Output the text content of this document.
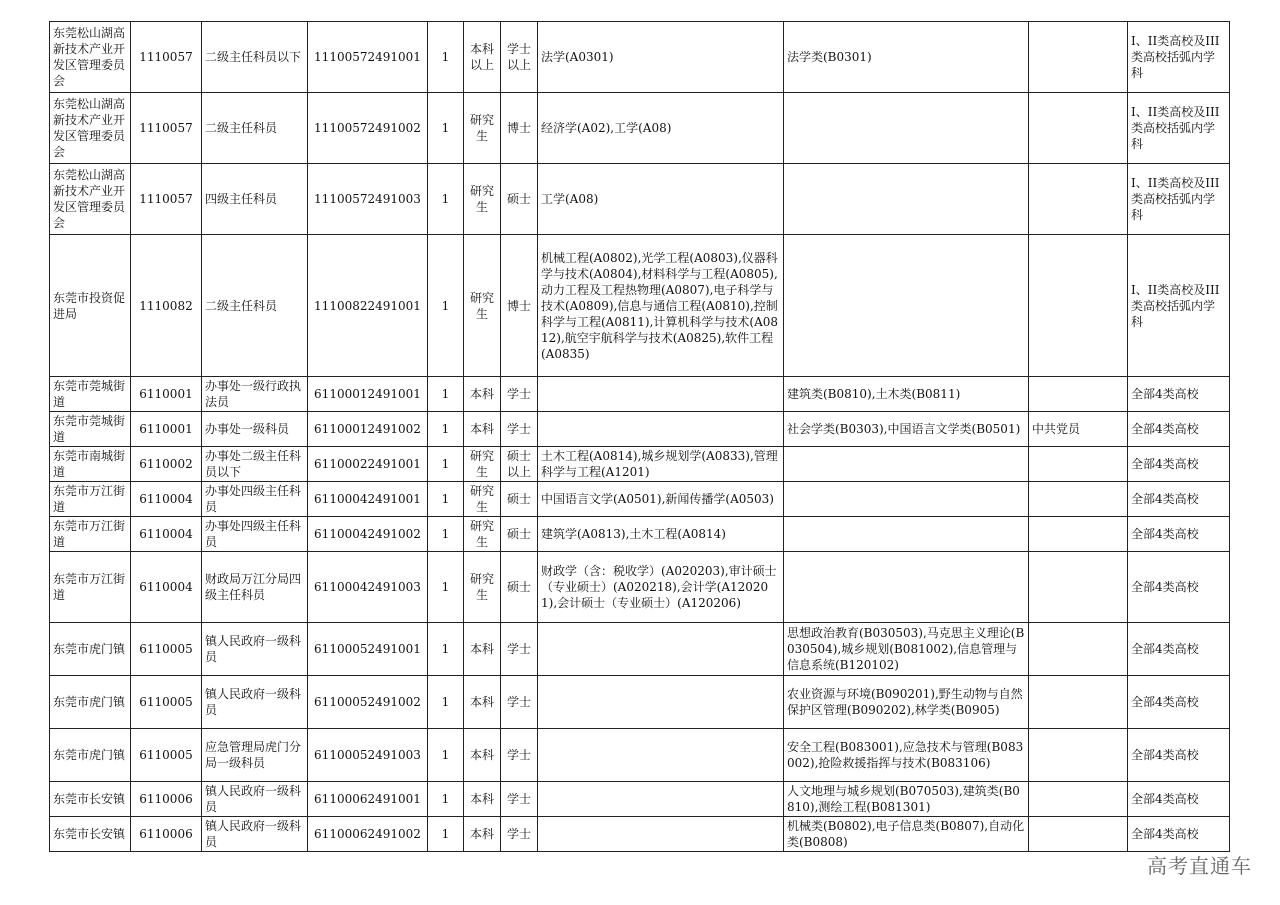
东莞松山湖高新技术产业开发区管理委员会	1110057	二级主任科员以下	11100572491001	1	本科以上	学士以上	法学(A0301)	法学类(B0301)		I、II类高校及III类高校括弧内学科
东莞松山湖高新技术产业开发区管理委员会	1110057	二级主任科员	11100572491002	1	研究生	博士	经济学(A02),工学(A08)			I、II类高校及III类高校括弧内学科
东莞松山湖高新技术产业开发区管理委员会	1110057	四级主任科员	11100572491003	1	研究生	硕士	工学(A08)			I、II类高校及III类高校括弧内学科
东莞市投资促进局	1110082	二级主任科员	11100822491001	1	研究生	博士	机械工程(A0802),光学工程(A0803),仪器科学与技术(A0804),材料科学与工程(A0805),动力工程及工程热物理(A0807),电子科学与技术(A0809),信息与通信工程(A0810),控制科学与工程(A0811),计算机科学与技术(A0812),航空宇航科学与技术(A0825),软件工程(A0835)			I、II类高校及III类高校括弧内学科
东莞市莞城街道	6110001	办事处一级行政执法员	61100012491001	1	本科	学士		建筑类(B0810),土木类(B0811)		全部4类高校
东莞市莞城街道	6110001	办事处一级科员	61100012491002	1	本科	学士		社会学类(B0303),中国语言文学类(B0501)	中共党员	全部4类高校
东莞市南城街道	6110002	办事处二级主任科员以下	61100022491001	1	研究生	硕士以上	土木工程(A0814),城乡规划学(A0833),管理科学与工程(A1201)			全部4类高校
东莞市万江街道	6110004	办事处四级主任科员	61100042491001	1	研究生	硕士	中国语言文学(A0501),新闻传播学(A0503)			全部4类高校
东莞市万江街道	6110004	办事处四级主任科员	61100042491002	1	研究生	硕士	建筑学(A0813),土木工程(A0814)			全部4类高校
东莞市万江街道	6110004	财政局万江分局四级主任科员	61100042491003	1	研究生	硕士	财政学（含：税收学）(A020203),审计硕士（专业硕士）(A020218),会计学(A120201),会计硕士（专业硕士）(A120206)			全部4类高校
东莞市虎门镇	6110005	镇人民政府一级科员	61100052491001	1	本科	学士		思想政治教育(B030503),马克思主义理论(B030504),城乡规划(B081002),信息管理与信息系统(B120102)		全部4类高校
东莞市虎门镇	6110005	镇人民政府一级科员	61100052491002	1	本科	学士		农业资源与环境(B090201),野生动物与自然保护区管理(B090202),林学类(B0905)		全部4类高校
东莞市虎门镇	6110005	应急管理局虎门分局一级科员	61100052491003	1	本科	学士		安全工程(B083001),应急技术与管理(B083002),抢险救援指挥与技术(B083106)		全部4类高校
东莞市长安镇	6110006	镇人民政府一级科员	61100062491001	1	本科	学士		人文地理与城乡规划(B070503),建筑类(B0810),测绘工程(B081301)		全部4类高校
东莞市长安镇	6110006	镇人民政府一级科员	61100062491002	1	本科	学士		机械类(B0802),电子信息类(B0807),自动化类(B0808)		全部4类高校
高考直通车
